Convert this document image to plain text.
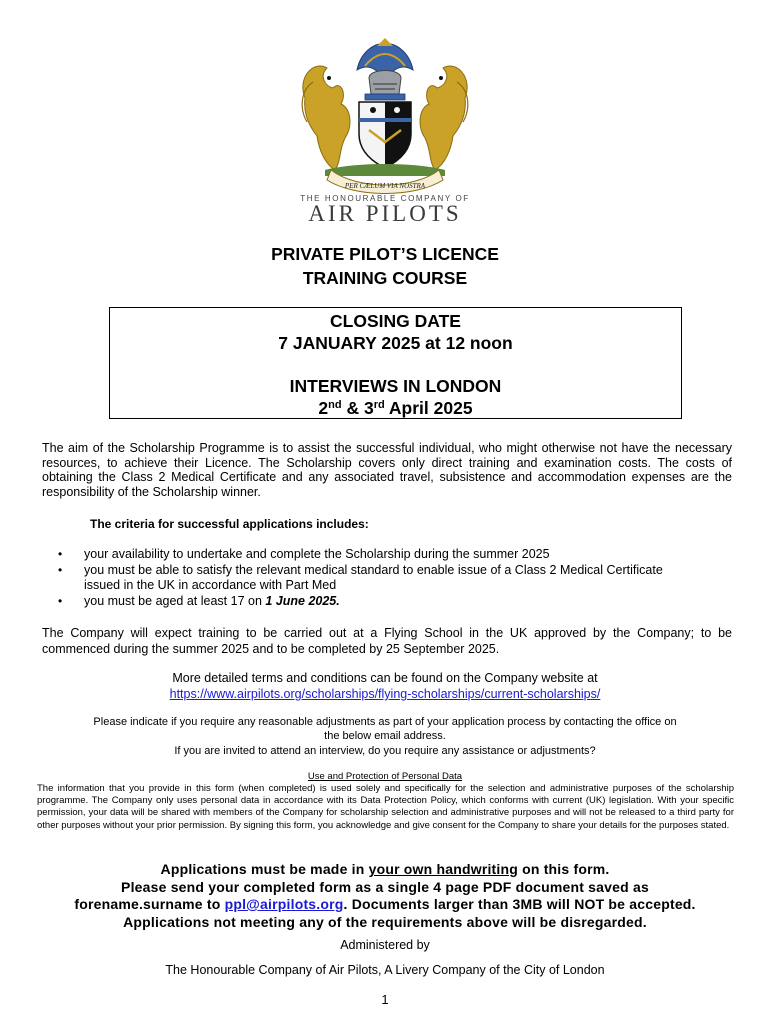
PER CÆLUM VIA NOSTRA
THE HONOURABLE COMPANY OF
AIR PILOTS
PRIVATE PILOT’S LICENCE
TRAINING COURSE
CLOSING DATE
7 JANUARY 2025 at 12 noon
INTERVIEWS IN LONDON
2nd & 3rd April 2025
The aim of the Scholarship Programme is to assist the successful individual, who might otherwise not have the necessary resources, to achieve their Licence. The Scholarship covers only direct training and examination costs. The costs of obtaining the Class 2 Medical Certificate and any associated travel, subsistence and accommodation expenses are the responsibility of the Scholarship winner.
The criteria for successful applications includes:
• your availability to undertake and complete the Scholarship during the summer 2025
• you must be able to satisfy the relevant medical standard to enable issue of a Class 2 Medical Certificate issued in the UK in accordance with Part Med
• you must be aged at least 17 on 1 June 2025.
The Company will expect training to be carried out at a Flying School in the UK approved by the Company; to be commenced during the summer 2025 and to be completed by 25 September 2025.
More detailed terms and conditions can be found on the Company website at
https://www.airpilots.org/scholarships/flying-scholarships/current-scholarships/
Please indicate if you require any reasonable adjustments as part of your application process by contacting the office on
the below email address.
If you are invited to attend an interview, do you require any assistance or adjustments?
Use and Protection of Personal Data
The information that you provide in this form (when completed) is used solely and specifically for the selection and administrative purposes of the scholarship programme. The Company only uses personal data in accordance with its Data Protection Policy, which conforms with current (UK) legislation. With your specific permission, your data will be shared with members of the Company for scholarship selection and administrative purposes and will not be released to a third party for other purposes without your prior permission. By signing this form, you acknowledge and give consent for the Company to share your details for the purposes stated.
Applications must be made in your own handwriting on this form.
Please send your completed form as a single 4 page PDF document saved as
forename.surname to ppl@airpilots.org. Documents larger than 3MB will NOT be accepted.
Applications not meeting any of the requirements above will be disregarded.
Administered by
The Honourable Company of Air Pilots, A Livery Company of the City of London
1
